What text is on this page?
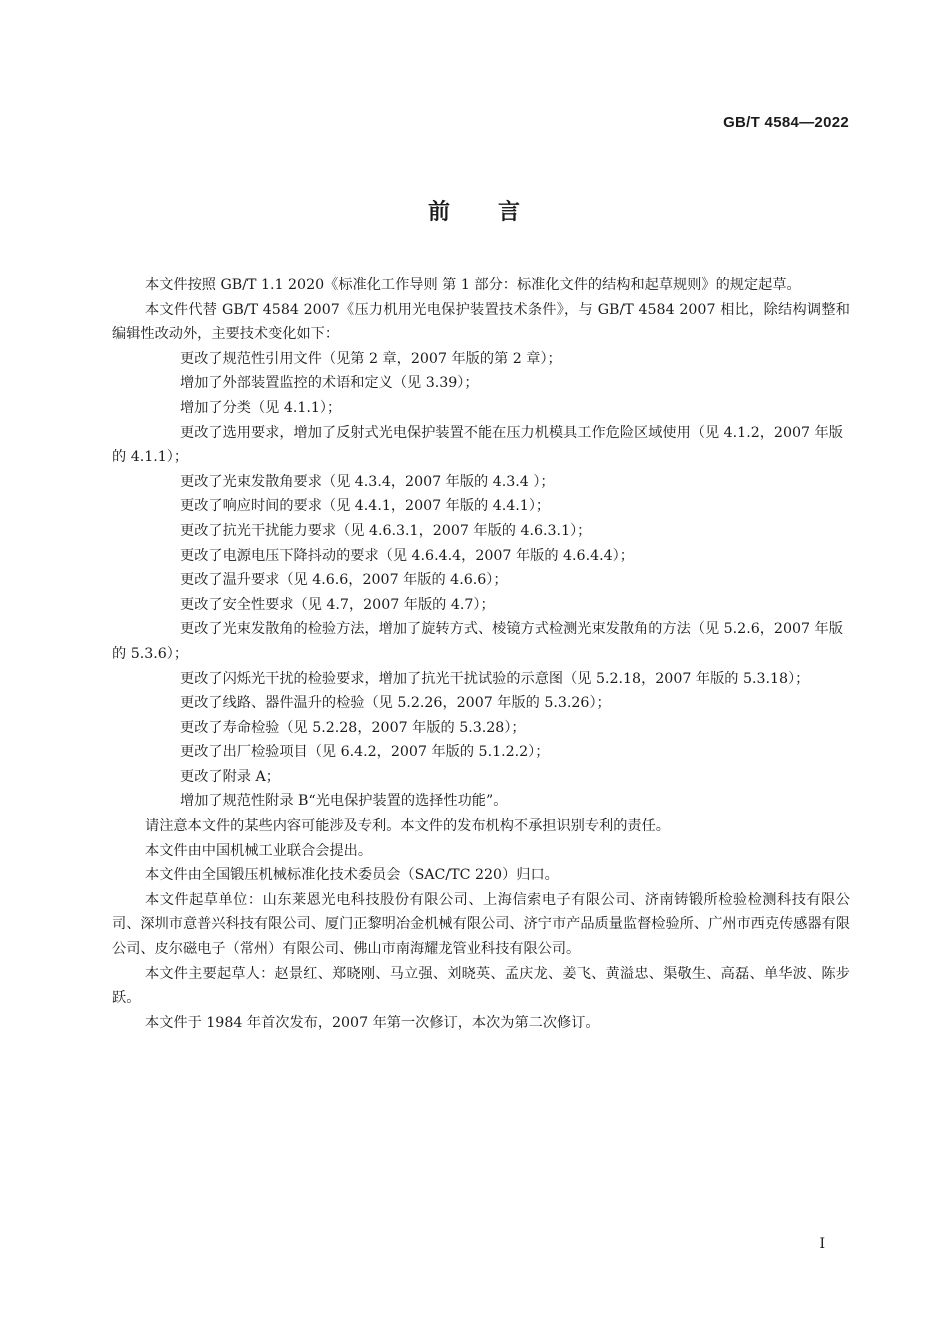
GB/T 4584—2022
前 言

本文件按照 GB/T 1.1 2020《标准化工作导则 第 1 部分：标准化文件的结构和起草规则》的规定起草。

本文件代替 GB/T 4584 2007《压力机用光电保护装置技术条件》，与 GB/T 4584 2007 相比，除结构调整和编辑性改动外，主要技术变化如下：

更改了规范性引用文件（见第 2 章，2007 年版的第 2 章）；

增加了外部装置监控的术语和定义（见 3.39）；

增加了分类（见 4.1.1）；

更改了选用要求，增加了反射式光电保护装置不能在压力机模具工作危险区域使用（见 4.1.2，2007 年版的 4.1.1）；

更改了光束发散角要求（见 4.3.4，2007 年版的 4.3.4 ）；

更改了响应时间的要求（见 4.4.1，2007 年版的 4.4.1）；

更改了抗光干扰能力要求（见 4.6.3.1，2007 年版的 4.6.3.1）；

更改了电源电压下降抖动的要求（见 4.6.4.4，2007 年版的 4.6.4.4）；

更改了温升要求（见 4.6.6，2007 年版的 4.6.6）；

更改了安全性要求（见 4.7，2007 年版的 4.7）；

更改了光束发散角的检验方法，增加了旋转方式、棱镜方式检测光束发散角的方法（见 5.2.6，2007 年版的 5.3.6）；

更改了闪烁光干扰的检验要求，增加了抗光干扰试验的示意图（见 5.2.18，2007 年版的 5.3.18）；

更改了线路、器件温升的检验（见 5.2.26，2007 年版的 5.3.26）；

更改了寿命检验（见 5.2.28，2007 年版的 5.3.28）；

更改了出厂检验项目（见 6.4.2，2007 年版的 5.1.2.2）；

更改了附录 A；

增加了规范性附录 B“光电保护装置的选择性功能”。

请注意本文件的某些内容可能涉及专利。本文件的发布机构不承担识别专利的责任。

本文件由中国机械工业联合会提出。

本文件由全国锻压机械标准化技术委员会（SAC/TC 220）归口。

本文件起草单位：山东莱恩光电科技股份有限公司、上海信索电子有限公司、济南铸锻所检验检测科技有限公司、深圳市意普兴科技有限公司、厦门正黎明冶金机械有限公司、济宁市产品质量监督检验所、广州市西克传感器有限公司、皮尔磁电子（常州）有限公司、佛山市南海耀龙管业科技有限公司。

本文件主要起草人：赵景红、郑晓刚、马立强、刘晓英、孟庆龙、姜飞、黄溢忠、渠敬生、高磊、单华波、陈步跃。

本文件于 1984 年首次发布，2007 年第一次修订，本次为第二次修订。

I
